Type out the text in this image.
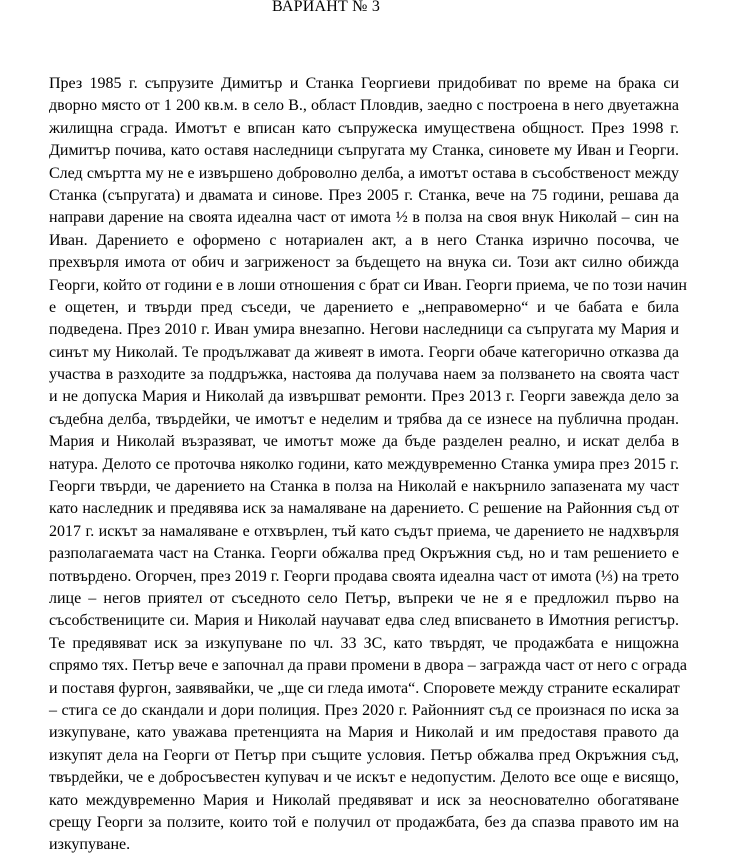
ВАРИАНТ № 3
През 1985 г. съпрузите Димитър и Станка Георгиеви придобиват по време на брака си
дворно място от 1 200 кв.м. в село В., област Пловдив, заедно с построена в него двуетажна
жилищна сграда. Имотът е вписан като съпружеска имуществена общност. През 1998 г.
Димитър почива, като оставя наследници съпругата му Станка, синовете му Иван и Георги.
След смъртта му не е извършено доброволно делба, а имотът остава в съсобственост между
Станка (съпругата) и двамата и синове. През 2005 г. Станка, вече на 75 години, решава да
направи дарение на своята идеална част от имота ½ в полза на своя внук Николай – син на
Иван. Дарението е оформено с нотариален акт, а в него Станка изрично посочва, че
прехвърля имота от обич и загриженост за бъдещето на внука си. Този акт силно обижда
Георги, който от години е в лоши отношения с брат си Иван. Георги приема, че по този начин
е ощетен, и твърди пред съседи, че дарението е „неправомерно“ и че бабата е била
подведена. През 2010 г. Иван умира внезапно. Негови наследници са съпругата му Мария и
синът му Николай. Те продължават да живеят в имота. Георги обаче категорично отказва да
участва в разходите за поддръжка, настоява да получава наем за ползването на своята част
и не допуска Мария и Николай да извършват ремонти. През 2013 г. Георги завежда дело за
съдебна делба, твърдейки, че имотът е неделим и трябва да се изнесе на публична продан.
Мария и Николай възразяват, че имотът може да бъде разделен реално, и искат делба в
натура. Делото се проточва няколко години, като междувременно Станка умира през 2015 г.
Георги твърди, че дарението на Станка в полза на Николай е накърнило запазената му част
като наследник и предявява иск за намаляване на дарението. С решение на Районния съд от
2017 г. искът за намаляване е отхвърлен, тъй като съдът приема, че дарението не надхвърля
разполагаемата част на Станка. Георги обжалва пред Окръжния съд, но и там решението е
потвърдено. Огорчен, през 2019 г. Георги продава своята идеална част от имота (⅓) на трето
лице – негов приятел от съседното село Петър, въпреки че не я е предложил първо на
съсобствениците си. Мария и Николай научават едва след вписването в Имотния регистър.
Те предявяват иск за изкупуване по чл. 33 ЗС, като твърдят, че продажбата е нищожна
спрямо тях. Петър вече е започнал да прави промени в двора – загражда част от него с ограда
и поставя фургон, заявявайки, че „ще си гледа имота“. Споровете между страните ескалират
– стига се до скандали и дори полиция. През 2020 г. Районният съд се произнася по иска за
изкупуване, като уважава претенцията на Мария и Николай и им предоставя правото да
изкупят дела на Георги от Петър при същите условия. Петър обжалва пред Окръжния съд,
твърдейки, че е добросъвестен купувач и че искът е недопустим. Делото все още е висящо,
като междувременно Мария и Николай предявяват и иск за неоснователно обогатяване
срещу Георги за ползите, които той е получил от продажбата, без да спазва правото им на
изкупуване.
